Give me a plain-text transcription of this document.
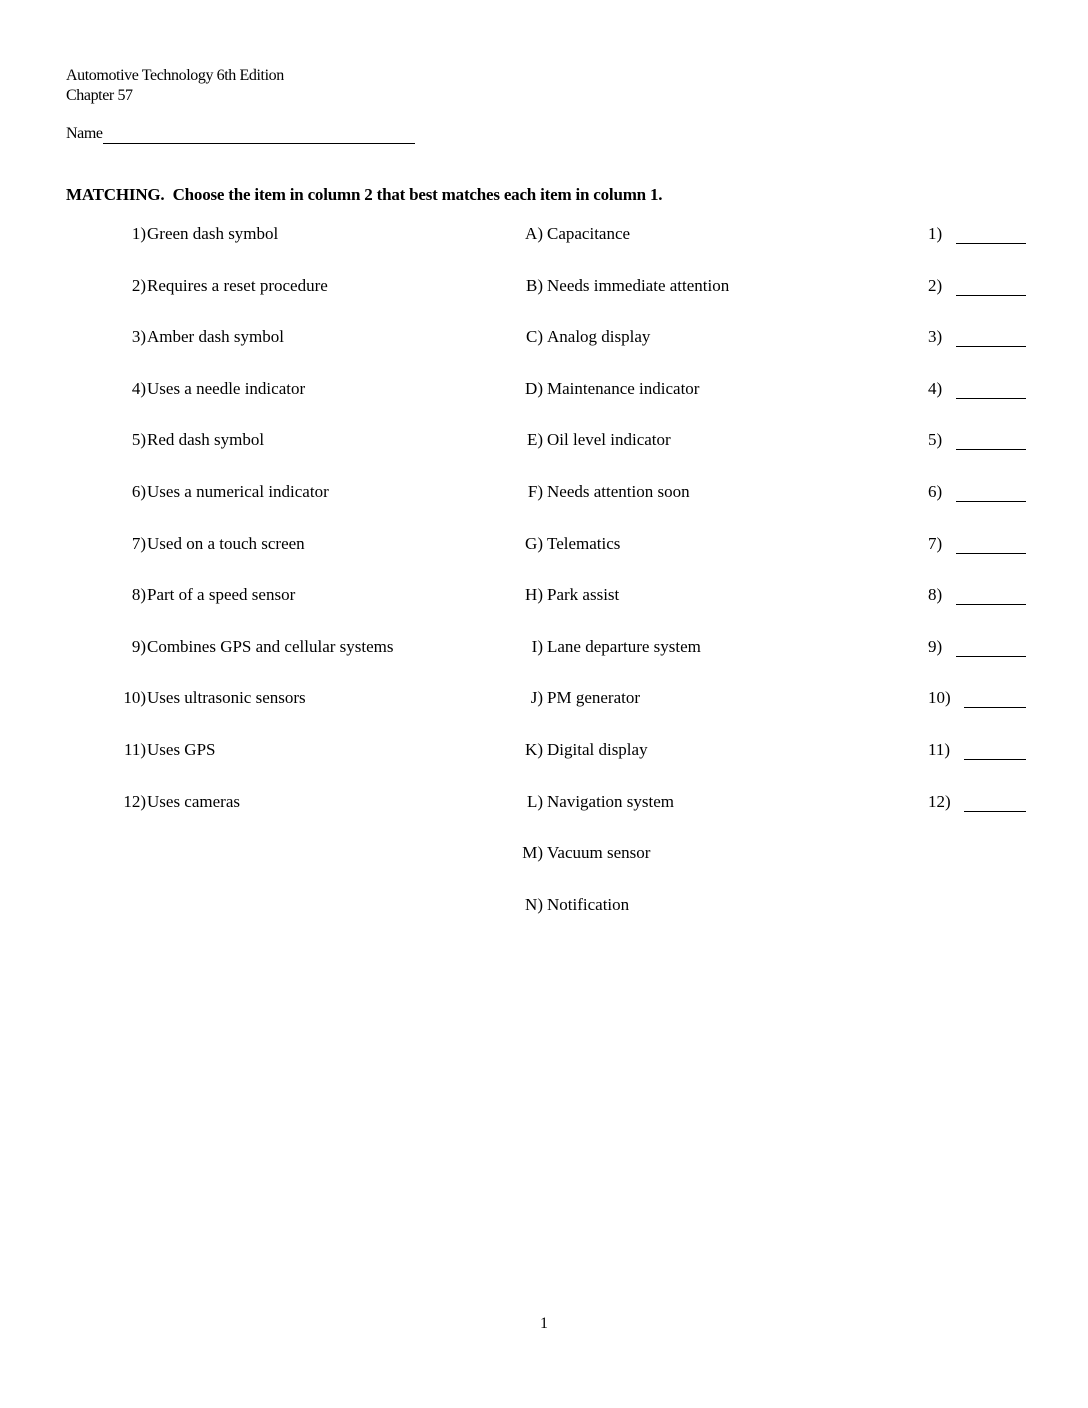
Automotive Technology 6th Edition
Chapter 57
Name
MATCHING.  Choose the item in column 2 that best matches each item in column 1.
1) Green dash symbol	A) Capacitance	1)
2) Requires a reset procedure	B) Needs immediate attention	2)
3) Amber dash symbol	C) Analog display	3)
4) Uses a needle indicator	D) Maintenance indicator	4)
5) Red dash symbol	E) Oil level indicator	5)
6) Uses a numerical indicator	F) Needs attention soon	6)
7) Used on a touch screen	G) Telematics	7)
8) Part of a speed sensor	H) Park assist	8)
9) Combines GPS and cellular systems	I) Lane departure system	9)
10) Uses ultrasonic sensors	J) PM generator	10)
11) Uses GPS	K) Digital display	11)
12) Uses cameras	L) Navigation system	12)
M) Vacuum sensor
N) Notification
1
